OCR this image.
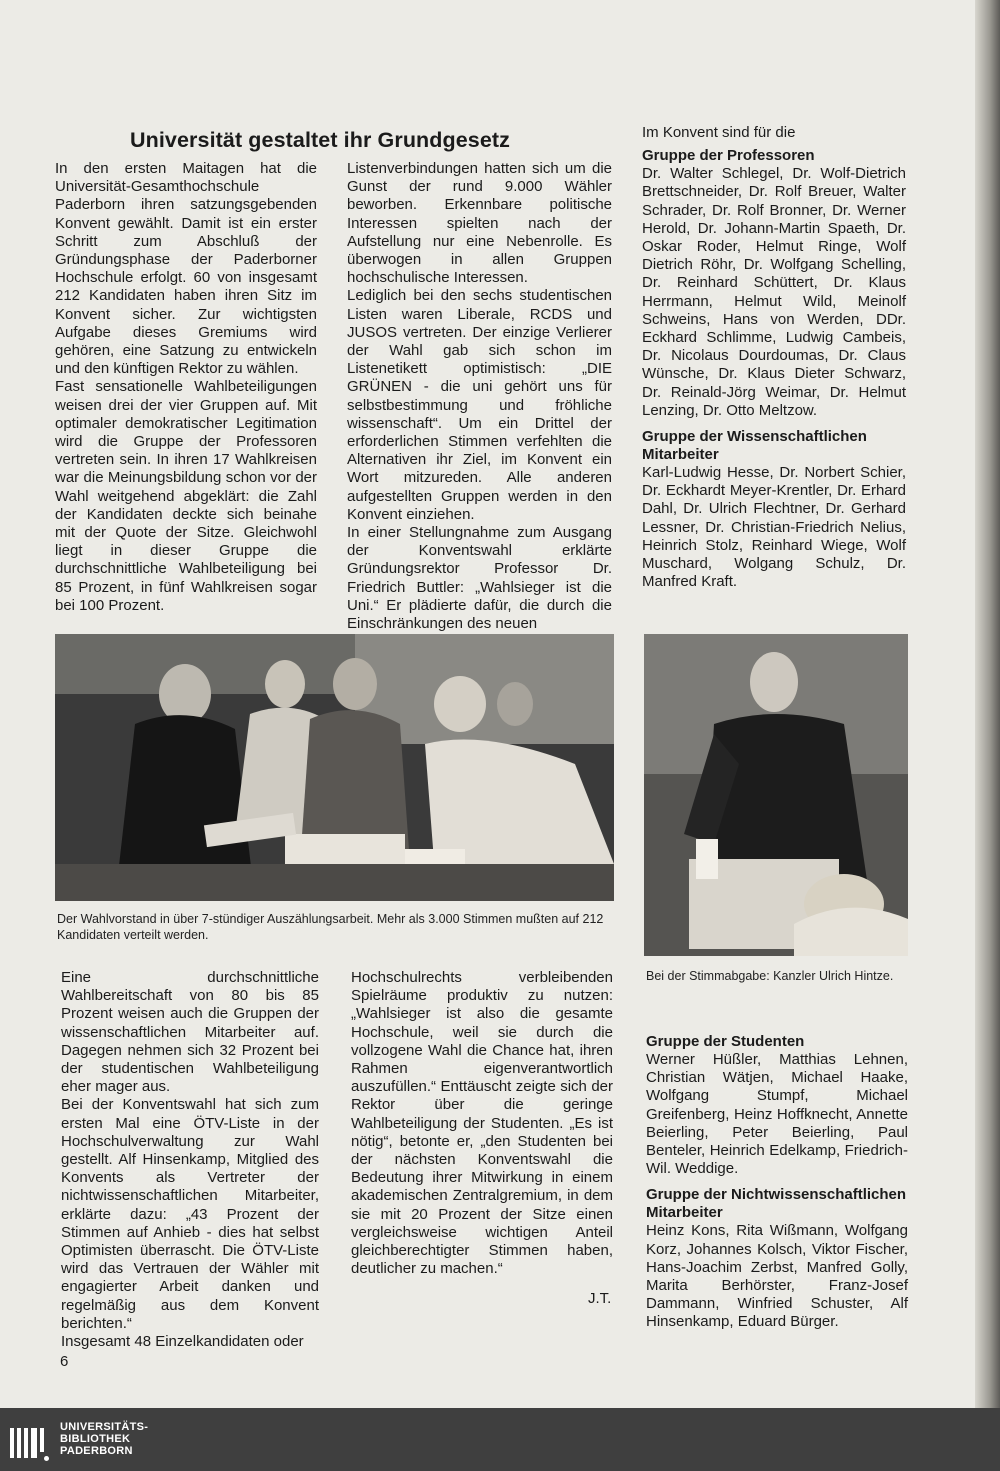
Universität gestaltet ihr Grundgesetz

In den ersten Maitagen hat die Universität-Gesamthochschule Paderborn ihren satzungsgebenden Konvent gewählt. Damit ist ein erster Schritt zum Abschluß der Gründungsphase der Paderborner Hochschule erfolgt. 60 von insgesamt 212 Kandidaten haben ihren Sitz im Konvent sicher. Zur wichtigsten Aufgabe dieses Gremiums wird gehören, eine Satzung zu entwickeln und den künftigen Rektor zu wählen.

Fast sensationelle Wahlbeteiligungen weisen drei der vier Gruppen auf. Mit optimaler demokratischer Legitimation wird die Gruppe der Professoren vertreten sein. In ihren 17 Wahlkreisen war die Meinungsbildung schon vor der Wahl weitgehend abgeklärt: die Zahl der Kandidaten deckte sich beinahe mit der Quote der Sitze. Gleichwohl liegt in dieser Gruppe die durchschnittliche Wahlbeteiligung bei 85 Prozent, in fünf Wahlkreisen sogar bei 100 Prozent.

Listenverbindungen hatten sich um die Gunst der rund 9.000 Wähler beworben. Erkennbare politische Interessen spielten nach der Aufstellung nur eine Nebenrolle. Es überwogen in allen Gruppen hochschulische Interessen.

Lediglich bei den sechs studentischen Listen waren Liberale, RCDS und JUSOS vertreten. Der einzige Verlierer der Wahl gab sich schon im Listenetikett optimistisch: „DIE GRÜNEN - die uni gehört uns für selbstbestimmung und fröhliche wissenschaft“. Um ein Drittel der erforderlichen Stimmen verfehlten die Alternativen ihr Ziel, im Konvent ein Wort mitzureden. Alle anderen aufgestellten Gruppen werden in den Konvent einziehen.

In einer Stellungnahme zum Ausgang der Konventswahl erklärte Gründungsrektor Professor Dr. Friedrich Buttler: „Wahlsieger ist die Uni.“ Er plädierte dafür, die durch die Einschränkungen des neuen

Im Konvent sind für die

Gruppe der Professoren

Dr. Walter Schlegel, Dr. Wolf-Dietrich Brettschneider, Dr. Rolf Breuer, Walter Schrader, Dr. Rolf Bronner, Dr. Werner Herold, Dr. Johann-Martin Spaeth, Dr. Oskar Roder, Helmut Ringe, Wolf Dietrich Röhr, Dr. Wolfgang Schelling, Dr. Reinhard Schüttert, Dr. Klaus Herrmann, Helmut Wild, Meinolf Schweins, Hans von Werden, DDr. Eckhard Schlimme, Ludwig Cambeis, Dr. Nicolaus Dourdoumas, Dr. Claus Wünsche, Dr. Klaus Dieter Schwarz, Dr. Reinald-Jörg Weimar, Dr. Helmut Lenzing, Dr. Otto Meltzow.

Gruppe der Wissenschaftlichen Mitarbeiter

Karl-Ludwig Hesse, Dr. Norbert Schier, Dr. Eckhardt Meyer-Krentler, Dr. Erhard Dahl, Dr. Ulrich Flechtner, Dr. Gerhard Lessner, Dr. Christian-Friedrich Nelius, Heinrich Stolz, Reinhard Wiege, Wolf Muschard, Wolgang Schulz, Dr. Manfred Kraft.

Der Wahlvorstand in über 7-stündiger Auszählungsarbeit. Mehr als 3.000 Stimmen mußten auf 212 Kandidaten verteilt werden.

Bei der Stimmabgabe: Kanzler Ulrich Hintze.

Eine durchschnittliche Wahlbereitschaft von 80 bis 85 Prozent weisen auch die Gruppen der wissenschaftlichen Mitarbeiter auf. Dagegen nehmen sich 32 Prozent bei der studentischen Wahlbeteiligung eher mager aus.

Bei der Konventswahl hat sich zum ersten Mal eine ÖTV-Liste in der Hochschulverwaltung zur Wahl gestellt. Alf Hinsenkamp, Mitglied des Konvents als Vertreter der nichtwissenschaftlichen Mitarbeiter, erklärte dazu: „43 Prozent der Stimmen auf Anhieb - dies hat selbst Optimisten überrascht. Die ÖTV-Liste wird das Vertrauen der Wähler mit engagierter Arbeit danken und regelmäßig aus dem Konvent berichten.“

Insgesamt 48 Einzelkandidaten oder

Hochschulrechts verbleibenden Spielräume produktiv zu nutzen: „Wahlsieger ist also die gesamte Hochschule, weil sie durch die vollzogene Wahl die Chance hat, ihren Rahmen eigenverantwortlich auszufüllen.“ Enttäuscht zeigte sich der Rektor über die geringe Wahlbeteiligung der Studenten. „Es ist nötig“, betonte er, „den Studenten bei der nächsten Konventswahl die Bedeutung ihrer Mitwirkung in einem akademischen Zentralgremium, in dem sie mit 20 Prozent der Sitze einen vergleichsweise wichtigen Anteil gleichberechtigter Stimmen haben, deutlicher zu machen.“

J.T.

Gruppe der Studenten

Werner Hüßler, Matthias Lehnen, Christian Wätjen, Michael Haake, Wolfgang Stumpf, Michael Greifenberg, Heinz Hoffknecht, Annette Beierling, Peter Beierling, Paul Benteler, Heinrich Edelkamp, Friedrich-Wil. Weddige.

Gruppe der Nichtwissenschaftlichen Mitarbeiter

Heinz Kons, Rita Wißmann, Wolfgang Korz, Johannes Kolsch, Viktor Fischer, Hans-Joachim Zerbst, Manfred Golly, Marita Berhörster, Franz-Josef Dammann, Winfried Schuster, Alf Hinsenkamp, Eduard Bürger.

6
UNIVERSITÄTS- BIBLIOTHEK PADERBORN
